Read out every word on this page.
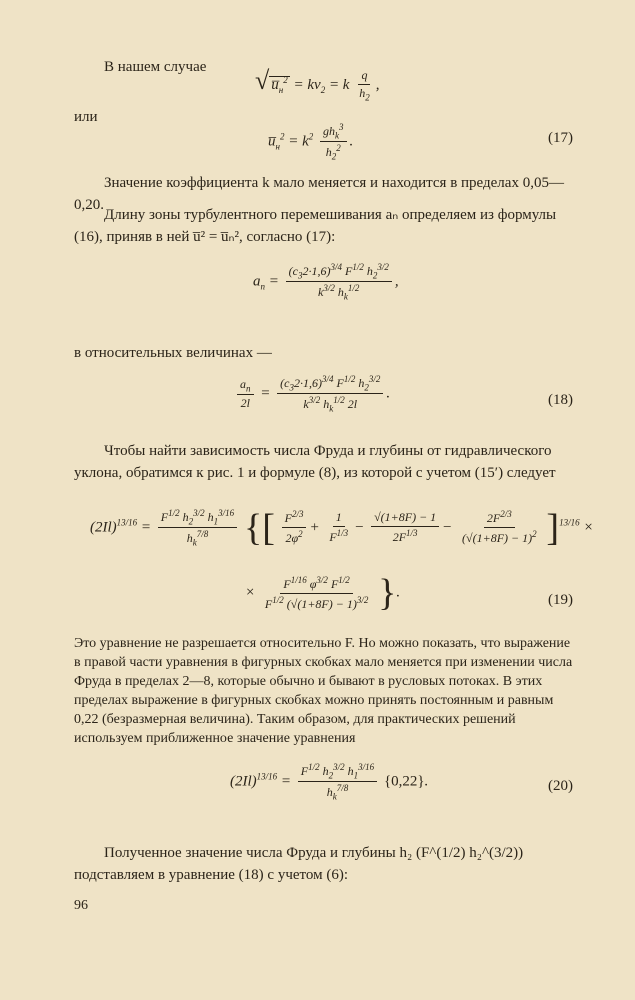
В нашем случае √ $u̅_н^2 = kv_2 = k \frac{q}{h_2}$ ,

или

$u̅_н^2 = k^2 \frac{gh_k^3}{h_2^2}$ .	(17)

Значение коэффициента k мало меняется и находится в пределах 0,05—0,20.

Длину зоны турбулентного перемешивания aₙ определяем из формулы (16), приняв в ней u̅² = u̅ₙ², согласно (17):

$a_п = \frac{(c_32\cdot 1,6)^{3/4} F^{1/2} h_2^{3/2}}{k^{3/2} h_k^{1/2}}$ ,

в относительных величинах —

$\frac{a_п}{2l} = \frac{(c_32\cdot 1,6)^{3/4} F^{1/2} h_2^{3/2}}{k^{3/2} h_k^{1/2} 2l}$ .	(18)

Чтобы найти зависимость числа Фруда и глубины от гидравлического уклона, обратимся к рис. 1 и формуле (8), из которой с учетом (15′) следует

$(2Il)^{13/16} = \frac{F^{1/2} h_2^{3/2} h_1^{3/16}}{h_k^{7/8}}$ {[ $\frac{F^{2/3}}{2\varphi^2} + \frac{1}{F^{1/3}} - \frac{√(1+8F) - 1}{2F^{1/3}} - \frac{2F^{2/3}}{(√(1+8F) - 1)^2} ]^{13/16}$ ×
× $\frac{F^{1/16} \varphi^{3/2} F^{1/2}}{F^{1/2} (√(1+8F) - 1)^{3/2}}$ }.	(19)

Это уравнение не разрешается относительно F. Но можно показать, что выражение в правой части уравнения в фигурных скобках мало меняется при изменении числа Фруда в пределах 2—8, которые обычно и бывают в русловых потоках. В этих пределах выражение в фигурных скобках можно принять постоянным и равным 0,22 (безразмерная величина). Таким образом, для практических решений используем приближенное значение уравнения

$(2Il)^{13/16} = \frac{F^{1/2} h_2^{3/2} h_1^{3/16}}{h_k^{7/8}} \{0,22\}$.	(20)

Полученное значение числа Фруда и глубины h₂ (F^(1/2) h₂^(3/2)) подставляем в уравнение (18) с учетом (6):

96
